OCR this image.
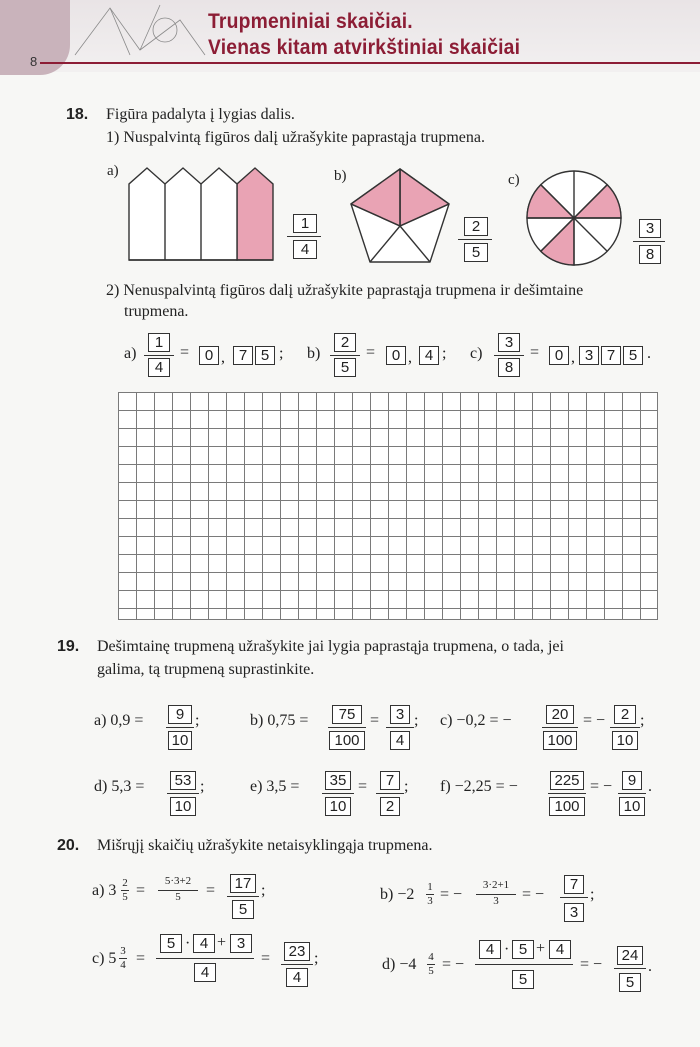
8
Trupmeniniai skaičiai.
Vienas kitam atvirkštiniai skaičiai
18. Figūra padalyta į lygias dalis.
1) Nuspalvintą figūros dalį užrašykite paprastąja trupmena.
a)	b)	c)
1
4
2
5
3
8
2) Nenuspalvintą figūros dalį užrašykite paprastąja trupmena ir dešimtaine
trupmena.
a)
1
4
=	0 , 7 5 ; b)
2
5
=	0 , 4 ; c)
3
8
=	0 , 3 7 5 .
19. Dešimtainę trupmeną užrašykite jai lygia paprastąja trupmena, o tada, jei
galima, tą trupmeną suprastinkite.
a) 0,9 =	9
10
;	b) 0,75 =	75
100
=	3
4
; c) −0,2 = −	20
100
= −	2
10
;
d) 5,3 =	53
10
;	e) 3,5 =	35
10
=	7
2
; f) −2,25 = − 225
100
= −	9
10
.
20. Mišrųjį skaičių užrašykite netaisyklingąja trupmena.
a) 3 2
5 =
5·3+2
5	=	17
5
;	b) −2 1
3 = −
3·2+1
3	= −
7
3
;
c) 5 3
4 =
5 · 4 + 3
4
=	23
4
;	d) −4 4
5 = −
4 · 5 + 4
5
= −
24
5
.
